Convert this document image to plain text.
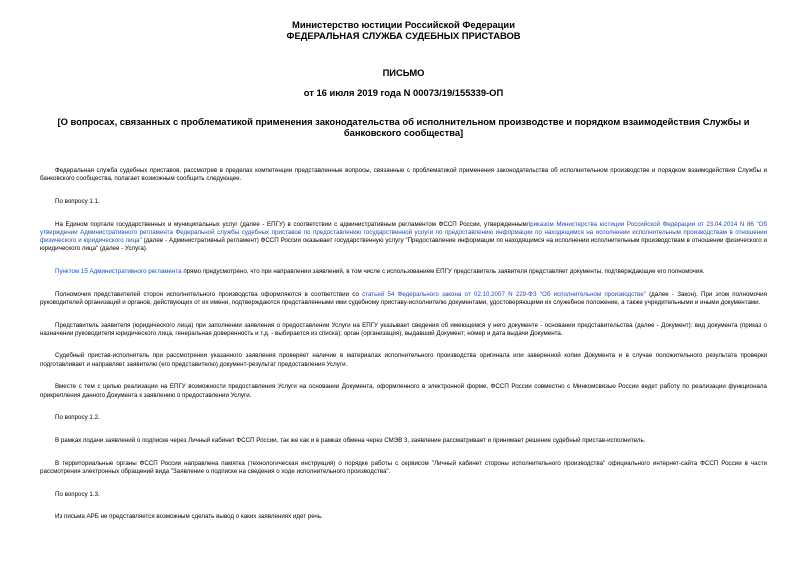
Министерство юстиции Российской Федерации
ФЕДЕРАЛЬНАЯ СЛУЖБА СУДЕБНЫХ ПРИСТАВОВ
ПИСЬМО
от 16 июля 2019 года N 00073/19/155339-ОП
[О вопросах, связанных с проблематикой применения законодательства об исполнительном производстве и порядком взаимодействия Службы и банковского сообщества]

Федеральная служба судебных приставов, рассмотрев в пределах компетенции представленные вопросы, связанные с проблематикой применения законодательства об исполнительном производстве и порядком взаимодействия Службы и банковского сообщества, полагает возможным сообщить следующее.

По вопросу 1.1.

На Едином портале государственных и муниципальных услуг (далее - ЕПГУ) в соответствии с административным регламентом ФССП России, утвержденнымприказом Министерства юстиции Российской Федерации от 23.04.2014 N 86 "Об утверждении Административного регламента Федеральной службы судебных приставов по предоставлению государственной услуги по предоставлению информации по находящимся на исполнении исполнительным производствам в отношении физического и юридического лица" (далее - Административный регламент) ФССП России оказывает государственную услугу "Предоставление информации по находящимся на исполнении исполнительным производствам в отношении физического и юридического лица" (далее - Услуга).

Пунктом 15 Административного регламента прямо предусмотрено, что при направлении заявлений, в том числе с использованием ЕПГУ представитель заявителя представляет документы, подтверждающие его полномочия.

Полномочия представителей сторон исполнительного производства оформляются в соответствии со статьей 54 Федерального закона от 02.10.2007 N 229-ФЗ "Об исполнительном производстве" (далее - Закон). При этом полномочия руководителей организаций и органов, действующих от их имени, подтверждаются представленными ими судебному приставу-исполнителю документами, удостоверяющими их служебное положение, а также учредительными и иными документами.

Представитель заявителя (юридического лица) при заполнении заявления о предоставлении Услуги на ЕПГУ указывает сведения об имеющемся у него документе - основании представительства (далее - Документ): вид документа (приказ о назначении руководителя юридического лица, генеральная доверенность и т.д. - выбирается из списка); орган (организация), выдавший Документ; номер и дата выдачи Документа.

Судебный пристав-исполнитель при рассмотрении указанного заявления проверяет наличие в материалах исполнительного производства оригинала или заверенной копии Документа и в случае положительного результата проверки подготавливает и направляет заявителю (его представителю) документ-результат предоставления Услуги.

Вместе с тем с целью реализации на ЕПГУ возможности предоставления Услуги на основании Документа, оформленного в электронной форме, ФССП России совместно с Минкомсвязью России ведет работу по реализации функционала прикрепления данного Документа к заявлению о предоставлении Услуги.

По вопросу 1.2.

В рамках подачи заявлений о подписке через Личный кабинет ФССП России, так же как и в рамках обмена через СМЭВ 3, заявление рассматривает и принимает решение судебный пристав-исполнитель.

В территориальные органы ФССП России направлена памятка (технологическая инструкция) о порядке работы с сервисом "Личный кабинет стороны исполнительного производства" официального интернет-сайта ФССП России в части рассмотрения электронных обращений вида "Заявление о подписке на сведения о ходе исполнительного производства".

По вопросу 1.3.

Из письма АРБ не представляется возможным сделать вывод о каких заявлениях идет речь.
